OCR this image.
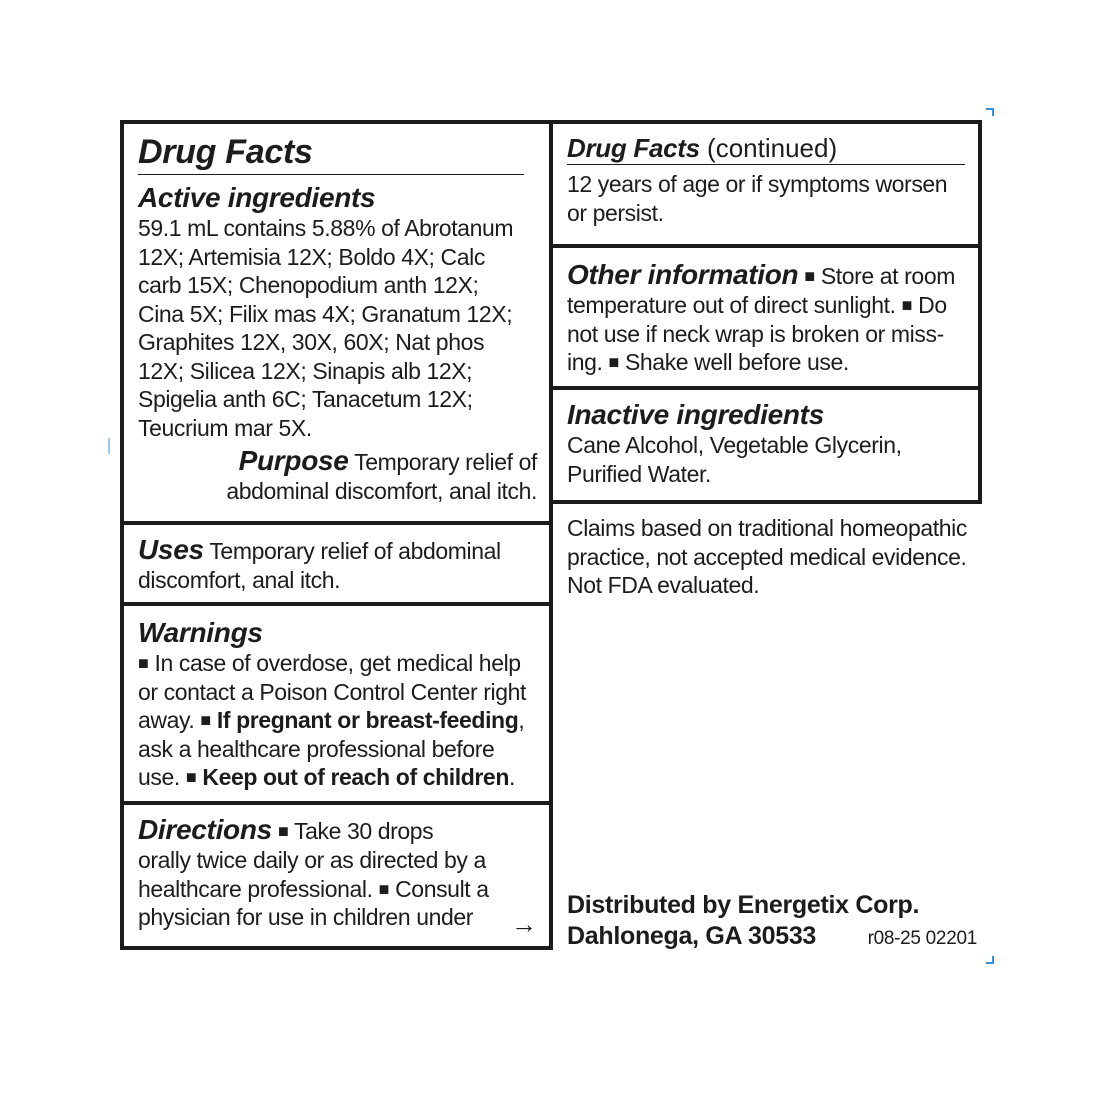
Drug Facts
Active ingredients
59.1 mL contains 5.88% of Abrotanum
12X; Artemisia 12X; Boldo 4X; Calc
carb 15X; Chenopodium anth 12X;
Cina 5X; Filix mas 4X; Granatum 12X;
Graphites 12X, 30X, 60X; Nat phos
12X; Silicea 12X; Sinapis alb 12X;
Spigelia anth 6C; Tanacetum 12X;
Teucrium mar 5X.
Purpose Temporary relief of
abdominal discomfort, anal itch.
Uses Temporary relief of abdominal
discomfort, anal itch.
Warnings
■ In case of overdose, get medical help
or contact a Poison Control Center right
away. ■ If pregnant or breast-feeding,
ask a healthcare professional before
use. ■ Keep out of reach of children.
Directions ■ Take 30 drops
orally twice daily or as directed by a
healthcare professional. ■ Consult a
physician for use in children under	→
Drug Facts (continued)
12 years of age or if symptoms worsen
or persist.
Other information ■ Store at room
temperature out of direct sunlight. ■ Do
not use if neck wrap is broken or miss-
ing. ■ Shake well before use.
Inactive ingredients
Cane Alcohol, Vegetable Glycerin,
Purified Water.
Claims based on traditional homeopathic
practice, not accepted medical evidence.
Not FDA evaluated.
Distributed by Energetix Corp.
Dahlonega, GA 30533	r08-25 02201
